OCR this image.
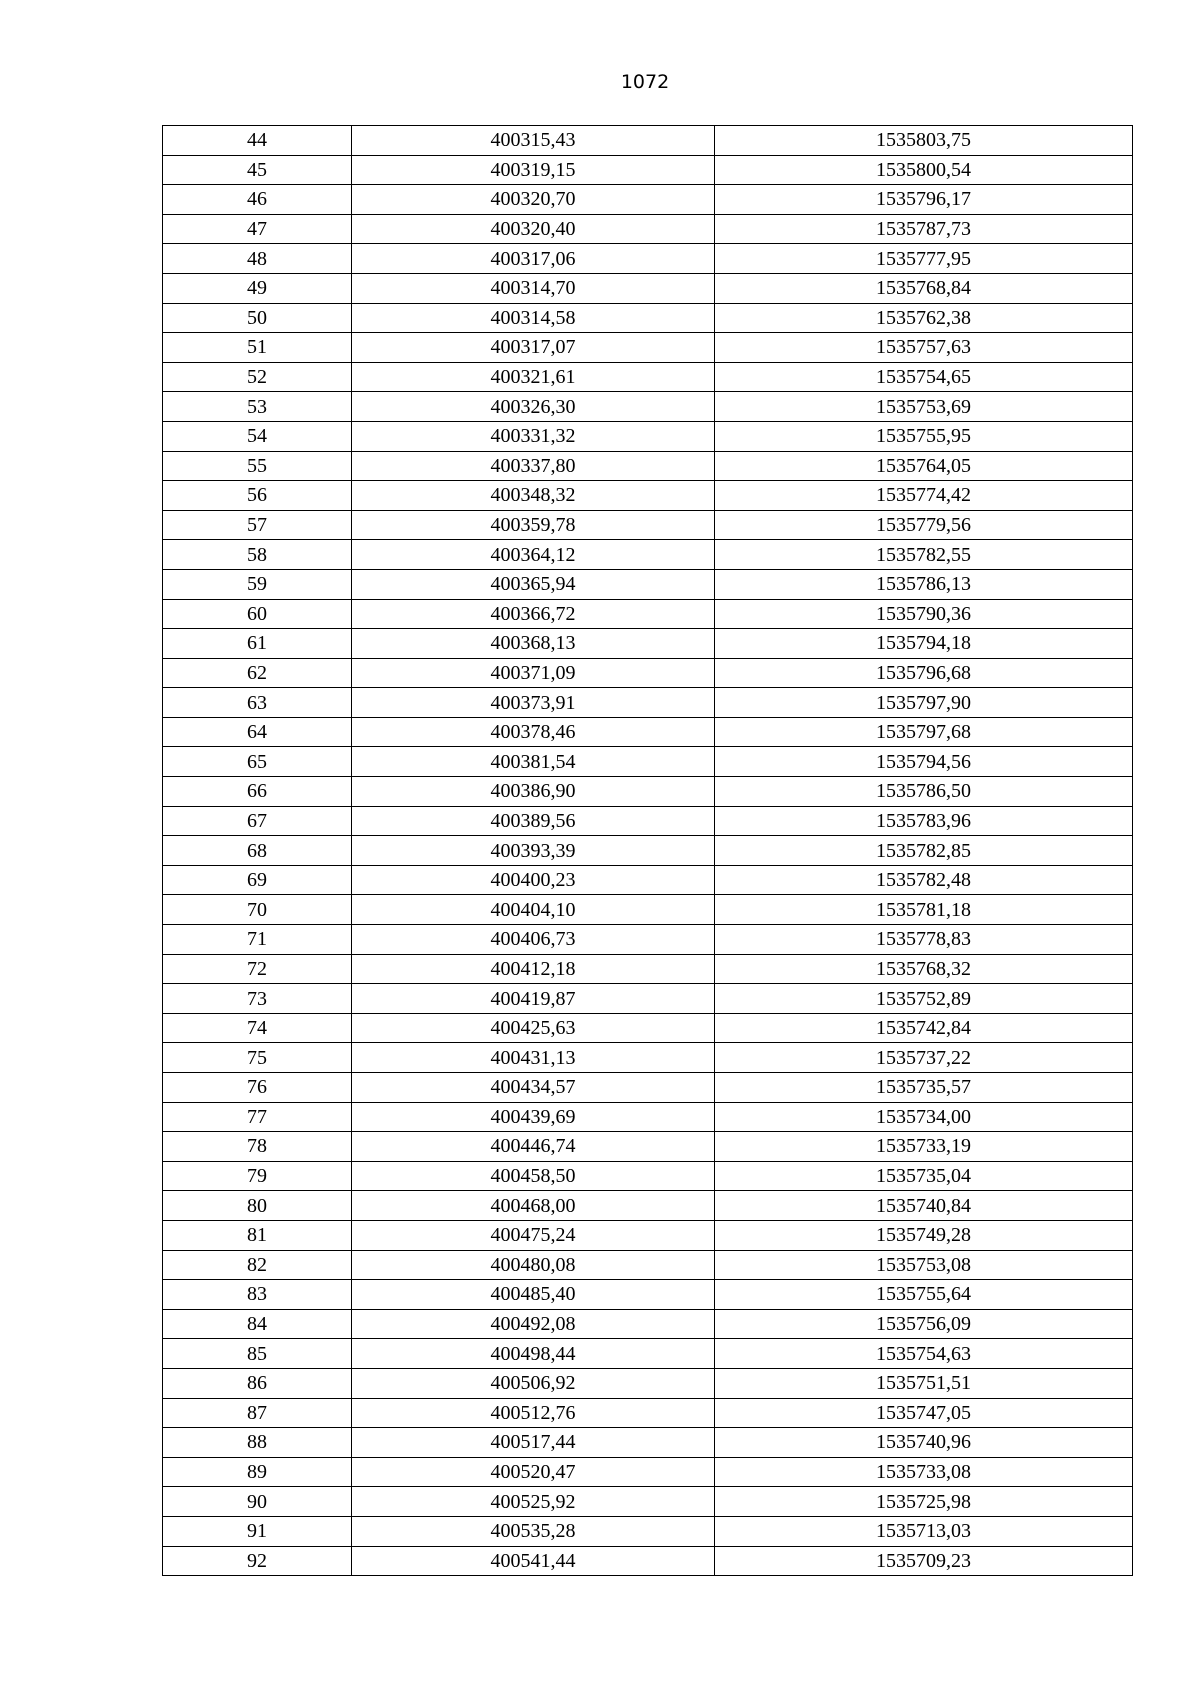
1072
44	400315,43	1535803,75
45	400319,15	1535800,54
46	400320,70	1535796,17
47	400320,40	1535787,73
48	400317,06	1535777,95
49	400314,70	1535768,84
50	400314,58	1535762,38
51	400317,07	1535757,63
52	400321,61	1535754,65
53	400326,30	1535753,69
54	400331,32	1535755,95
55	400337,80	1535764,05
56	400348,32	1535774,42
57	400359,78	1535779,56
58	400364,12	1535782,55
59	400365,94	1535786,13
60	400366,72	1535790,36
61	400368,13	1535794,18
62	400371,09	1535796,68
63	400373,91	1535797,90
64	400378,46	1535797,68
65	400381,54	1535794,56
66	400386,90	1535786,50
67	400389,56	1535783,96
68	400393,39	1535782,85
69	400400,23	1535782,48
70	400404,10	1535781,18
71	400406,73	1535778,83
72	400412,18	1535768,32
73	400419,87	1535752,89
74	400425,63	1535742,84
75	400431,13	1535737,22
76	400434,57	1535735,57
77	400439,69	1535734,00
78	400446,74	1535733,19
79	400458,50	1535735,04
80	400468,00	1535740,84
81	400475,24	1535749,28
82	400480,08	1535753,08
83	400485,40	1535755,64
84	400492,08	1535756,09
85	400498,44	1535754,63
86	400506,92	1535751,51
87	400512,76	1535747,05
88	400517,44	1535740,96
89	400520,47	1535733,08
90	400525,92	1535725,98
91	400535,28	1535713,03
92	400541,44	1535709,23
